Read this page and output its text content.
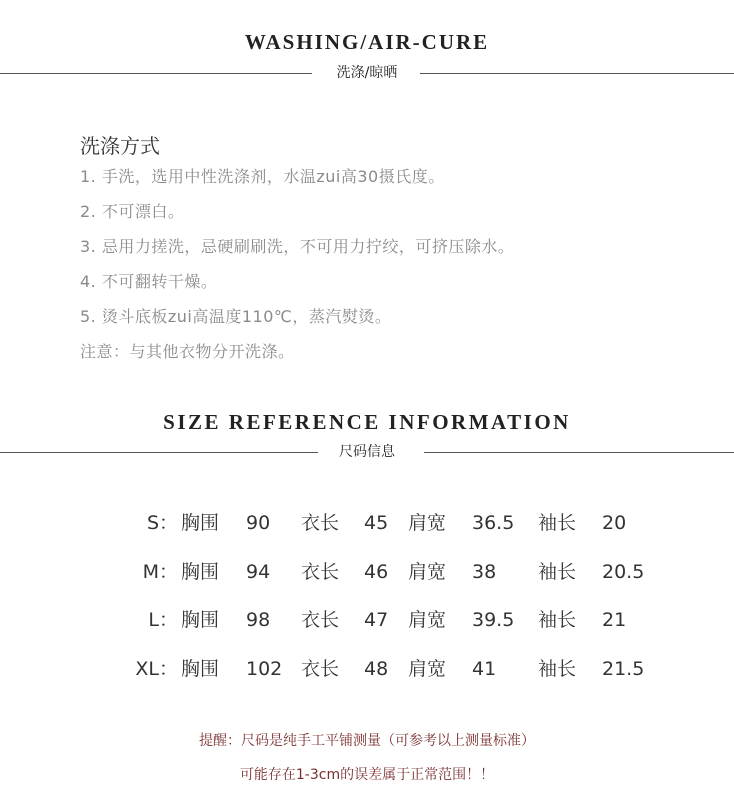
WASHING/AIR-CURE
洗涤/晾晒
洗涤方式
1. 手洗，选用中性洗涤剂，水温zui高30摄氏度。
2. 不可漂白。
3. 忌用力搓洗，忌硬刷刷洗，不可用力拧绞，可挤压除水。
4. 不可翻转干燥。
5. 烫斗底板zui高温度110℃，蒸汽熨烫。
注意：与其他衣物分开洗涤。
SIZE REFERENCE INFORMATION
尺码信息
S： 胸围 90 衣长 45 肩宽 36.5 袖长 20
M： 胸围 94 衣长 46 肩宽 38 袖长 20.5
L： 胸围 98 衣长 47 肩宽 39.5 袖长 21
XL： 胸围 102 衣长 48 肩宽 41 袖长 21.5
提醒：尺码是纯手工平铺测量（可参考以上测量标准）
可能存在1-3cm的误差属于正常范围！！
